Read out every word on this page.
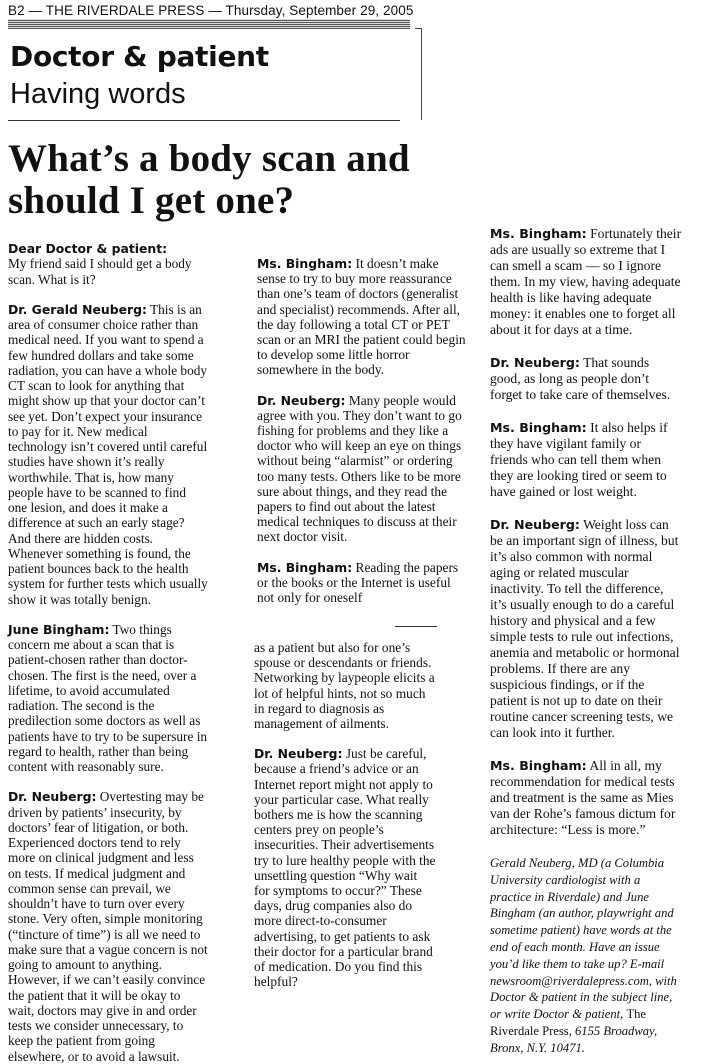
B2 — THE RIVERDALE PRESS — Thursday, September 29, 2005
Doctor & patient
Having words
What’s a body scan and should I get one?

Dear Doctor & patient:
My friend said I should get a body scan. What is it?

Dr. Gerald Neuberg: This is an area of consumer choice rather than medical need. If you want to spend a few hundred dollars and take some radiation, you can have a whole body CT scan to look for anything that might show up that your doctor can’t see yet. Don’t expect your insurance to pay for it. New medical technology isn’t covered until careful studies have shown it’s really worthwhile. That is, how many people have to be scanned to find one lesion, and does it make a difference at such an early stage? And there are hidden costs. Whenever something is found, the patient bounces back to the health system for further tests which usually show it was totally benign.

June Bingham: Two things concern me about a scan that is patient-chosen rather than doctor-chosen. The first is the need, over a lifetime, to avoid accumulated radiation. The second is the predilection some doctors as well as patients have to try to be supersure in regard to health, rather than being content with reasonably sure.

Dr. Neuberg: Overtesting may be driven by patients’ insecurity, by doctors’ fear of litigation, or both. Experienced doctors tend to rely more on clinical judgment and less on tests. If medical judgment and common sense can prevail, we shouldn’t have to turn over every stone. Very often, simple monitoring (“tincture of time”) is all we need to make sure that a vague concern is not going to amount to anything. However, if we can’t easily convince the patient that it will be okay to wait, doctors may give in and order tests we consider unnecessary, to keep the patient from going elsewhere, or to avoid a lawsuit.

Ms. Bingham: It doesn’t make sense to try to buy more reassurance than one’s team of doctors (generalist and specialist) recommends. After all, the day following a total CT or PET scan or an MRI the patient could begin to develop some little horror somewhere in the body.

Dr. Neuberg: Many people would agree with you. They don’t want to go fishing for problems and they like a doctor who will keep an eye on things without being “alarmist” or ordering too many tests. Others like to be more sure about things, and they read the papers to find out about the latest medical techniques to discuss at their next doctor visit.

Ms. Bingham: Reading the papers or the books or the Internet is useful not only for oneself

as a patient but also for one’s spouse or descendants or friends. Networking by laypeople elicits a lot of helpful hints, not so much in regard to diagnosis as management of ailments.

Dr. Neuberg: Just be careful, because a friend’s advice or an Internet report might not apply to your particular case. What really bothers me is how the scanning centers prey on people’s insecurities. Their advertisements try to lure healthy people with the unsettling question “Why wait for symptoms to occur?” These days, drug companies also do more direct-to-consumer advertising, to get patients to ask their doctor for a particular brand of medication. Do you find this helpful?

Ms. Bingham: Fortunately their ads are usually so extreme that I can smell a scam — so I ignore them. In my view, having adequate health is like having adequate money: it enables one to forget all about it for days at a time.

Dr. Neuberg: That sounds good, as long as people don’t forget to take care of themselves.

Ms. Bingham: It also helps if they have vigilant family or friends who can tell them when they are looking tired or seem to have gained or lost weight.

Dr. Neuberg: Weight loss can be an important sign of illness, but it’s also common with normal aging or related muscular inactivity. To tell the difference, it’s usually enough to do a careful history and physical and a few simple tests to rule out infections, anemia and metabolic or hormonal problems. If there are any suspicious findings, or if the patient is not up to date on their routine cancer screening tests, we can look into it further.

Ms. Bingham: All in all, my recommendation for medical tests and treatment is the same as Mies van der Rohe’s famous dictum for architecture: “Less is more.”

Gerald Neuberg, MD (a Columbia University cardiologist with a practice in Riverdale) and June Bingham (an author, playwright and sometime patient) have words at the end of each month. Have an issue you’d like them to take up? E-mail newsroom@riverdalepress.com, with Doctor & patient in the subject line, or write Doctor & patient, The Riverdale Press, 6155 Broadway, Bronx, N.Y. 10471.
